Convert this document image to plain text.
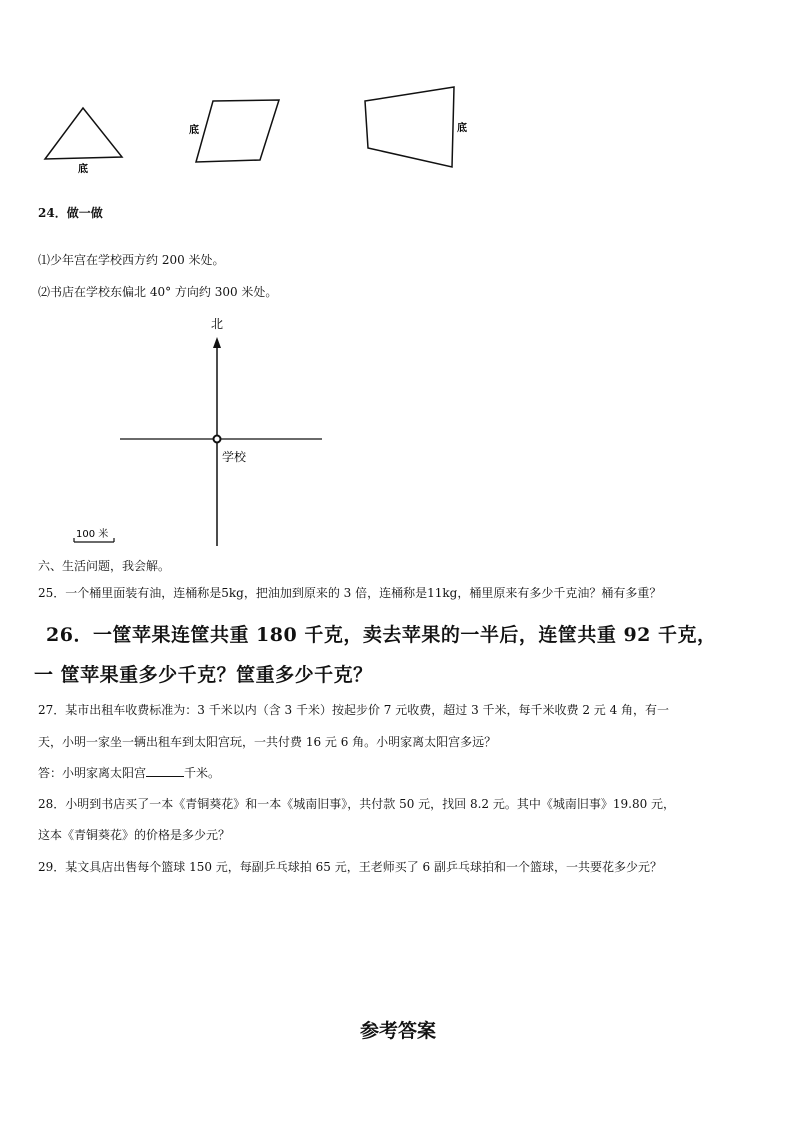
底
底	底
24．做一做
⑴少年宫在学校西方约 200 米处。
⑵书店在学校东偏北 40° 方向约 300 米处。
北
学校
100 米
六、生活问题，我会解。
25．一个桶里面装有油，连桶称是5kg，把油加到原来的 3 倍，连桶称是11kg，桶里原来有多少千克油？桶有多重？
26．一筐苹果连筐共重 180 千克，卖去苹果的一半后，连筐共重 92 千克，
一 筐苹果重多少千克？筐重多少千克？
27．某市出租车收费标准为：3 千米以内（含 3 千米）按起步价 7 元收费，超过 3 千米，每千米收费 2 元 4 角，有一
天，小明一家坐一辆出租车到太阳宫玩，一共付费 16 元 6 角。小明家离太阳宫多远？
答：小明家离太阳宫	千米。
28．小明到书店买了一本《青铜葵花》和一本《城南旧事》，共付款 50 元，找回 8.2 元。其中《城南旧事》19.80 元，
这本《青铜葵花》的价格是多少元？
29．某文具店出售每个篮球 150 元，每副乒乓球拍 65 元，王老师买了 6 副乒乓球拍和一个篮球，一共要花多少元？
参考答案
